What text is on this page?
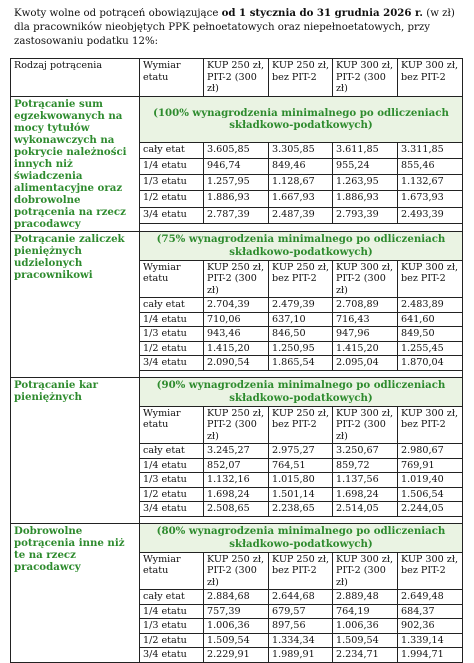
Kwoty wolne od potrąceń obowiązujące od 1 stycznia do 31 grudnia 2026 r. (w zł) dla pracowników nieobjętych PPK pełnoetatowych oraz niepełnoetatowych, przy zastosowaniu podatku 12%:
Rodzaj potrącenia	Wymiar etatu	KUP 250 zł, PIT-2 (300 zł)	KUP 250 zł, bez PIT-2	KUP 300 zł, PIT-2 (300 zł)	KUP 300 zł, bez PIT-2
Potrącanie sum egzekwowanych na mocy tytułów wykonawczych na pokrycie należności innych niż świadczenia alimentacyjne oraz dobrowolne potrącenia na rzecz pracodawcy	(100% wynagrodzenia minimalnego po odliczeniach składkowo-podatkowych)				
	cały etat	3.605,85	3.305,85	3.611,85	3.311,85
	1/4 etatu	946,74	849,46	955,24	855,46
	1/3 etatu	1.257,95	1.128,67	1.263,95	1.132,67
	1/2 etatu	1.886,93	1.667,93	1.886,93	1.673,93
	3/4 etatu	2.787,39	2.487,39	2.793,39	2.493,39

Potrącanie zaliczek pieniężnych udzielonych pracownikowi	(75% wynagrodzenia minimalnego po odliczeniach składkowo-podatkowych)				
	Wymiar etatu	KUP 250 zł, PIT-2 (300 zł)	KUP 250 zł, bez PIT-2	KUP 300 zł, PIT-2 (300 zł)	KUP 300 zł, bez PIT-2
	cały etat	2.704,39	2.479,39	2.708,89	2.483,89
	1/4 etatu	710,06	637,10	716,43	641,60
	1/3 etatu	943,46	846,50	947,96	849,50
	1/2 etatu	1.415,20	1.250,95	1.415,20	1.255,45
	3/4 etatu	2.090,54	1.865,54	2.095,04	1.870,04

Potrącanie kar pieniężnych	(90% wynagrodzenia minimalnego po odliczeniach składkowo-podatkowych)				
	Wymiar etatu	KUP 250 zł, PIT-2 (300 zł)	KUP 250 zł, bez PIT-2	KUP 300 zł, PIT-2 (300 zł)	KUP 300 zł, bez PIT-2
	cały etat	3.245,27	2.975,27	3.250,67	2.980,67
	1/4 etatu	852,07	764,51	859,72	769,91
	1/3 etatu	1.132,16	1.015,80	1.137,56	1.019,40
	1/2 etatu	1.698,24	1.501,14	1.698,24	1.506,54
	3/4 etatu	2.508,65	2.238,65	2.514,05	2.244,05

Dobrowolne potrącenia inne niż te na rzecz pracodawcy	(80% wynagrodzenia minimalnego po odliczeniach składkowo-podatkowych)				
	Wymiar etatu	KUP 250 zł, PIT-2 (300 zł)	KUP 250 zł, bez PIT-2	KUP 300 zł, PIT-2 (300 zł)	KUP 300 zł, bez PIT-2
	cały etat	2.884,68	2.644,68	2.889,48	2.649,48
	1/4 etatu	757,39	679,57	764,19	684,37
	1/3 etatu	1.006,36	897,56	1.006,36	902,36
	1/2 etatu	1.509,54	1.334,34	1.509,54	1.339,14
	3/4 etatu	2.229,91	1.989,91	2.234,71	1.994,71
